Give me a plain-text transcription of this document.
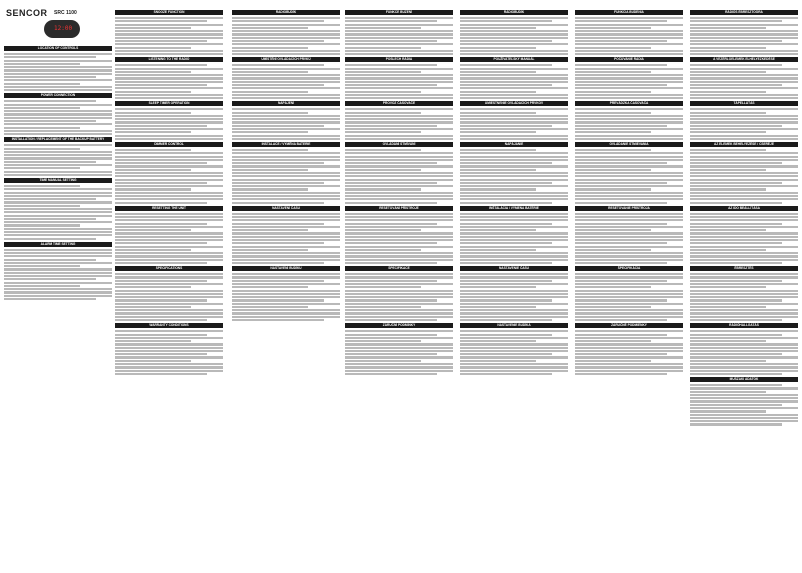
SENCOR SRC 1100
12:00
LOCATION OF CONTROLS
POWER CONNECTION
INSTALLATION / REPLACEMENT OF THE BACKUP BATTERY
TIME MANUAL SETTING
ALARM TIME SETTING
SNOOZE FUNCTION
LISTENING TO THE RADIO
SLEEP TIMER OPERATION
DIMMER CONTROL
RESETTING THE UNIT
SPECIFICATIONS
WARRANTY CONDITIONS
RADIOBUDÍK
UMÍSTĚNÍ OVLÁDACÍCH PRVKŮ
NAPÁJENÍ
INSTALACE / VÝMĚNA BATERIE
NASTAVENÍ ČASU
NASTAVENÍ BUDÍKU
FUNKCE BUZENÍ
POSLECH RÁDIA
PROVOZ ČASOVAČE
OVLÁDÁNÍ STMÍVÁNÍ
RESETOVÁNÍ PŘÍSTROJE
SPECIFIKACE
ZÁRUČNÍ PODMÍNKY
RÁDIOBUDÍK
POUŽÍVATEĽSKÝ MANUÁL
UMIESTNENIE OVLÁDACÍCH PRVKOV
NAPÁJANIE
INŠTALÁCIA / VÝMENA BATÉRIE
NASTAVENIE ČASU
NASTAVENIE BUDÍKA
FUNKCIA BUDENIA
POČÚVANIE RÁDIA
PREVÁDZKA ČASOVAČA
OVLÁDANIE STMIEVANIA
RESETOVANIE PRÍSTROJA
ŠPECIFIKÁCIA
ZÁRUČNÉ PODMIENKY
RÁDIÓS ÉBRESZTŐÓRA
A VEZÉRLŐELEMEK ELHELYEZKEDÉSE
TÁPELLÁTÁS
AZ ELEMEK BEHELYEZÉSE / CSERÉJE
AZ IDŐ BEÁLLÍTÁSA
ÉBRESZTÉS
RÁDIÓHALLGATÁS
MŰSZAKI ADATOK
